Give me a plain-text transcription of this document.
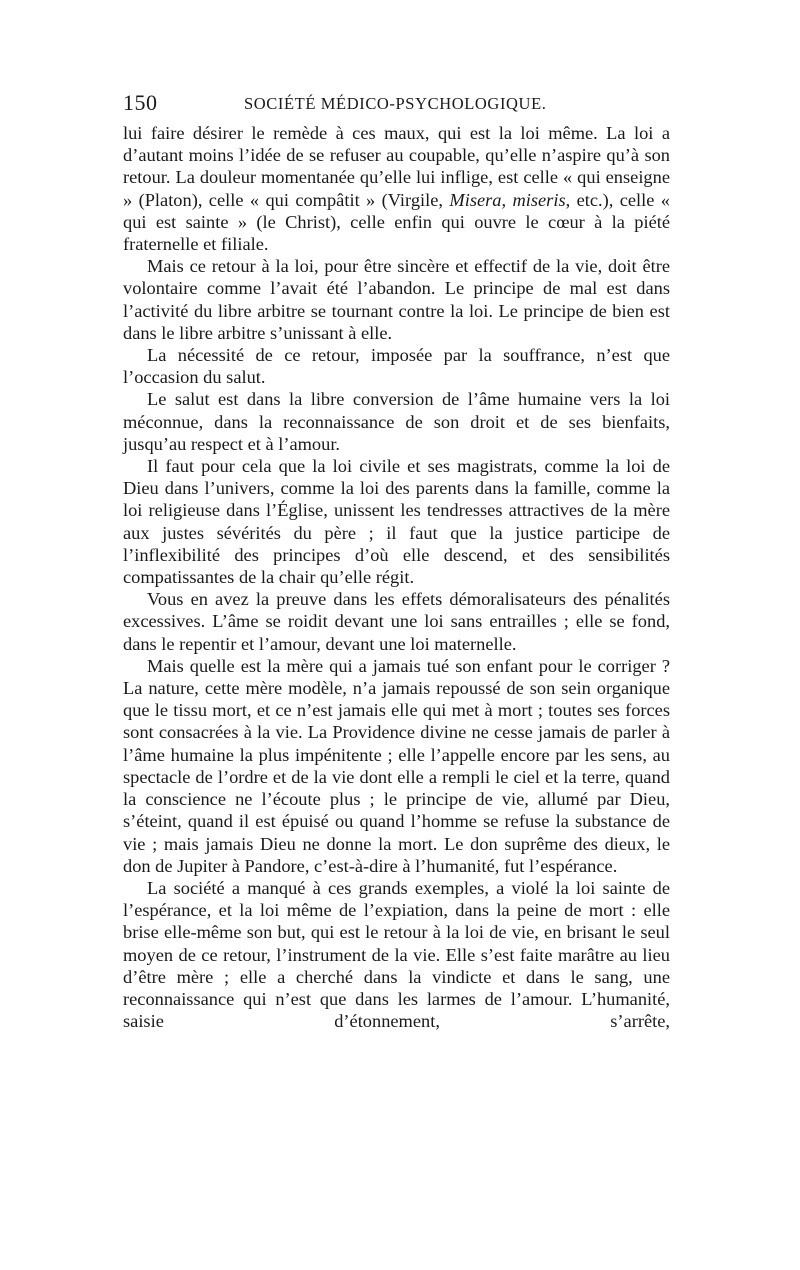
150	SOCIÉTÉ MÉDICO-PSYCHOLOGIQUE.

lui faire désirer le remède à ces maux, qui est la loi même. La loi a d’autant moins l’idée de se refuser au coupable, qu’elle n’aspire qu’à son retour. La douleur momentanée qu’elle lui inflige, est celle « qui enseigne » (Platon), celle « qui compâtit » (Virgile, Misera, miseris, etc.), celle « qui est sainte » (le Christ), celle enfin qui ouvre le cœur à la piété fraternelle et filiale.

Mais ce retour à la loi, pour être sincère et effectif de la vie, doit être volontaire comme l’avait été l’abandon. Le principe de mal est dans l’activité du libre arbitre se tournant contre la loi. Le principe de bien est dans le libre arbitre s’unissant à elle.

La nécessité de ce retour, imposée par la souffrance, n’est que l’occasion du salut.

Le salut est dans la libre conversion de l’âme humaine vers la loi méconnue, dans la reconnaissance de son droit et de ses bienfaits, jusqu’au respect et à l’amour.

Il faut pour cela que la loi civile et ses magistrats, comme la loi de Dieu dans l’univers, comme la loi des parents dans la famille, comme la loi religieuse dans l’Église, unissent les tendresses attractives de la mère aux justes sévérités du père ; il faut que la justice participe de l’inflexibilité des principes d’où elle descend, et des sensibilités compatissantes de la chair qu’elle régit.

Vous en avez la preuve dans les effets démoralisateurs des pénalités excessives. L’âme se roidit devant une loi sans entrailles ; elle se fond, dans le repentir et l’amour, devant une loi maternelle.

Mais quelle est la mère qui a jamais tué son enfant pour le corriger ? La nature, cette mère modèle, n’a jamais repoussé de son sein organique que le tissu mort, et ce n’est jamais elle qui met à mort ; toutes ses forces sont consacrées à la vie. La Providence divine ne cesse jamais de parler à l’âme humaine la plus impénitente ; elle l’appelle encore par les sens, au spectacle de l’ordre et de la vie dont elle a rempli le ciel et la terre, quand la conscience ne l’écoute plus ; le principe de vie, allumé par Dieu, s’éteint, quand il est épuisé ou quand l’homme se refuse la substance de vie ; mais jamais Dieu ne donne la mort. Le don suprême des dieux, le don de Jupiter à Pandore, c’est-à-dire à l’humanité, fut l’espérance.

La société a manqué à ces grands exemples, a violé la loi sainte de l’espérance, et la loi même de l’expiation, dans la peine de mort : elle brise elle-même son but, qui est le retour à la loi de vie, en brisant le seul moyen de ce retour, l’instrument de la vie. Elle s’est faite marâtre au lieu d’être mère ; elle a cherché dans la vindicte et dans le sang, une reconnaissance qui n’est que dans les larmes de l’amour. L’humanité, saisie d’étonnement, s’arrête,
